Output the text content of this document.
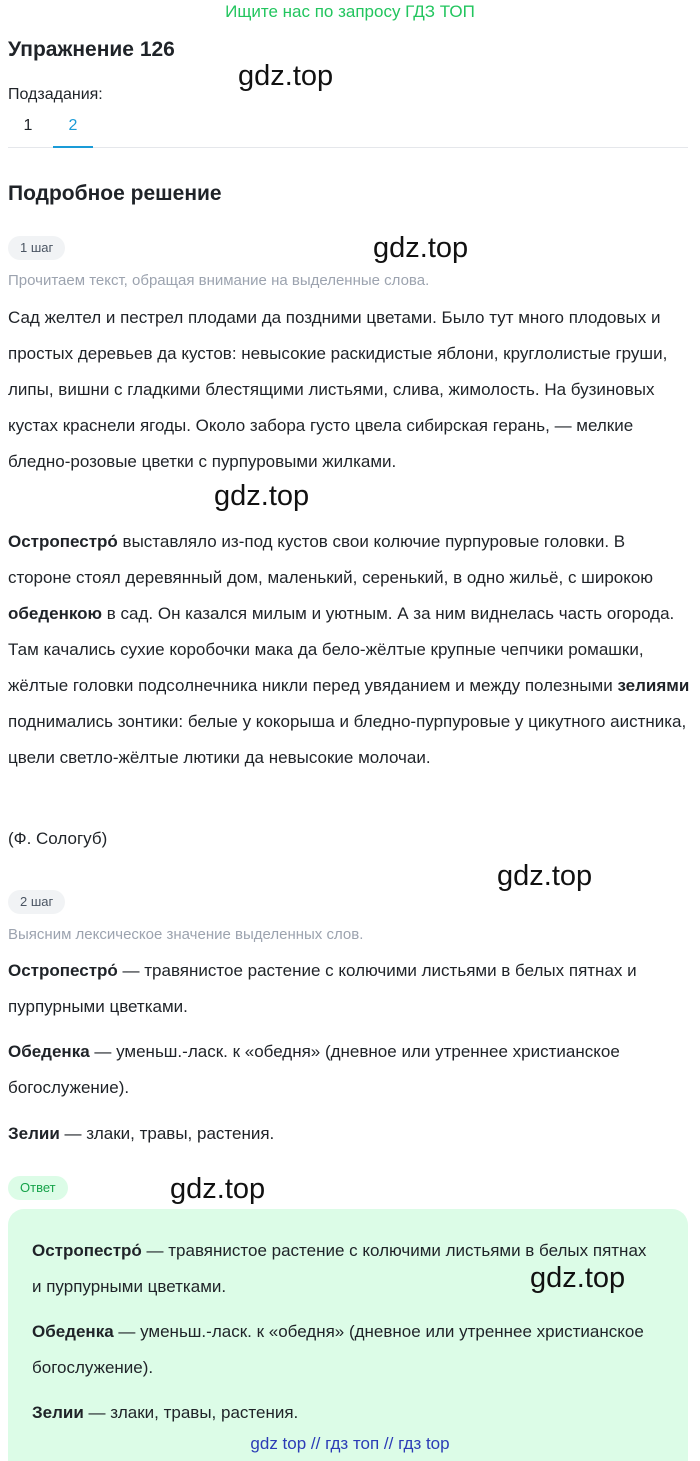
Ищите нас по запросу ГДЗ ТОП
Упражнение 126
Подзадания:
1	2
Подробное решение
1 шаг
Прочитаем текст, обращая внимание на выделенные слова.
Сад желтел и пестрел плодами да поздними цветами. Было тут много плодовых и простых деревьев да кустов: невысокие раскидистые яблони, круглолистые груши, липы, вишни с гладкими блестящими листьями, слива, жимолость. На бузиновых кустах краснели ягоды. Около забора густо цвела сибирская герань, — мелкие бледно-розовые цветки с пурпуровыми жилками.
Остропестро́ выставляло из-под кустов свои колючие пурпуровые головки. В стороне стоял деревянный дом, маленький, серенький, в одно жильё, с широкою обеденкою в сад. Он казался милым и уютным. А за ним виднелась часть огорода. Там качались сухие коробочки мака да бело-жёлтые крупные чепчики ромашки, жёлтые головки подсолнечника никли перед увяданием и между полезными зелиями поднимались зонтики: белые у кокорыша и бледно-пурпуровые у цикутного аистника, цвели светло-жёлтые лютики да невысокие молочаи.
(Ф. Сологуб)
2 шаг
Выясним лексическое значение выделенных слов.
Остропестро́ — травянистое растение с колючими листьями в белых пятнах и пурпурными цветками.
Обеденка — уменьш.-ласк. к «обедня» (дневное или утреннее христианское богослужение).
Зелии — злаки, травы, растения.
Ответ
Остропестро́ — травянистое растение с колючими листьями в белых пятнах и пурпурными цветками.
Обеденка — уменьш.-ласк. к «обедня» (дневное или утреннее христианское богослужение).
Зелии — злаки, травы, растения.
gdz.top
gdz.top
gdz.top
gdz.top
gdz.top
gdz.top
gdz top // гдз топ // гдз top
